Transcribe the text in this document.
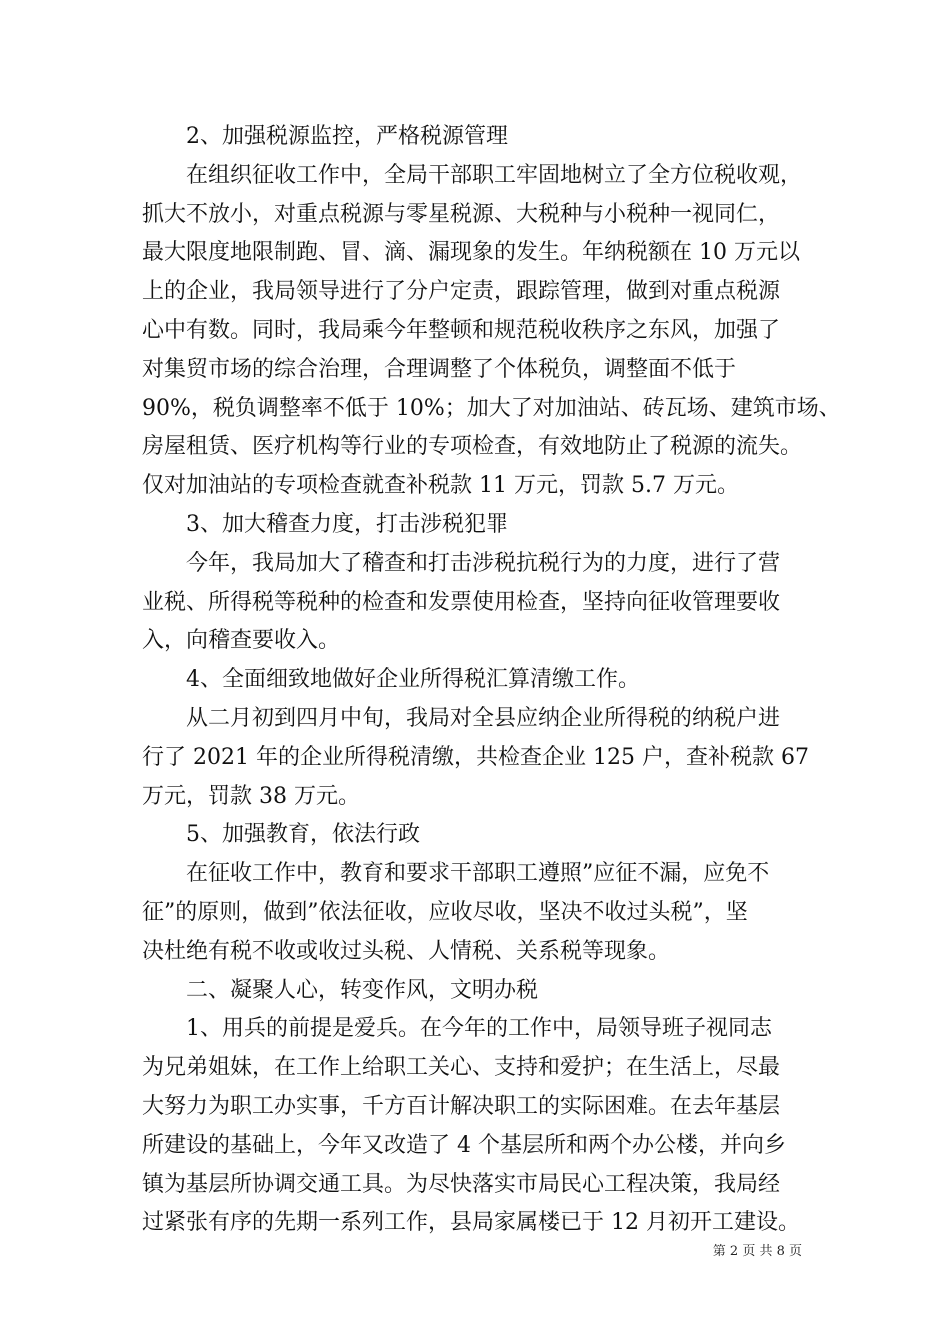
2、加强税源监控，严格税源管理
在组织征收工作中，全局干部职工牢固地树立了全方位税收观，
抓大不放小，对重点税源与零星税源、大税种与小税种一视同仁，
最大限度地限制跑、冒、滴、漏现象的发生。年纳税额在 10 万元以
上的企业，我局领导进行了分户定责，跟踪管理，做到对重点税源
心中有数。同时，我局乘今年整顿和规范税收秩序之东风，加强了
对集贸市场的综合治理，合理调整了个体税负，调整面不低于
90%，税负调整率不低于 10%；加大了对加油站、砖瓦场、建筑市场、
房屋租赁、医疗机构等行业的专项检查，有效地防止了税源的流失。
仅对加油站的专项检查就查补税款 11 万元，罚款 5.7 万元。
3、加大稽查力度，打击涉税犯罪
今年，我局加大了稽查和打击涉税抗税行为的力度，进行了营
业税、所得税等税种的检查和发票使用检查，坚持向征收管理要收
入，向稽查要收入。
4、全面细致地做好企业所得税汇算清缴工作。
从二月初到四月中旬，我局对全县应纳企业所得税的纳税户进
行了 2021 年的企业所得税清缴，共检查企业 125 户，查补税款 67
万元，罚款 38 万元。
5、加强教育，依法行政
在征收工作中，教育和要求干部职工遵照”应征不漏，应免不
征”的原则，做到”依法征收，应收尽收，坚决不收过头税”，坚
决杜绝有税不收或收过头税、人情税、关系税等现象。
二、凝聚人心，转变作风，文明办税
1、用兵的前提是爱兵。在今年的工作中，局领导班子视同志
为兄弟姐妹，在工作上给职工关心、支持和爱护；在生活上，尽最
大努力为职工办实事，千方百计解决职工的实际困难。在去年基层
所建设的基础上，今年又改造了 4 个基层所和两个办公楼，并向乡
镇为基层所协调交通工具。为尽快落实市局民心工程决策，我局经
过紧张有序的先期一系列工作，县局家属楼已于 12 月初开工建设。
第 2 页 共 8 页
